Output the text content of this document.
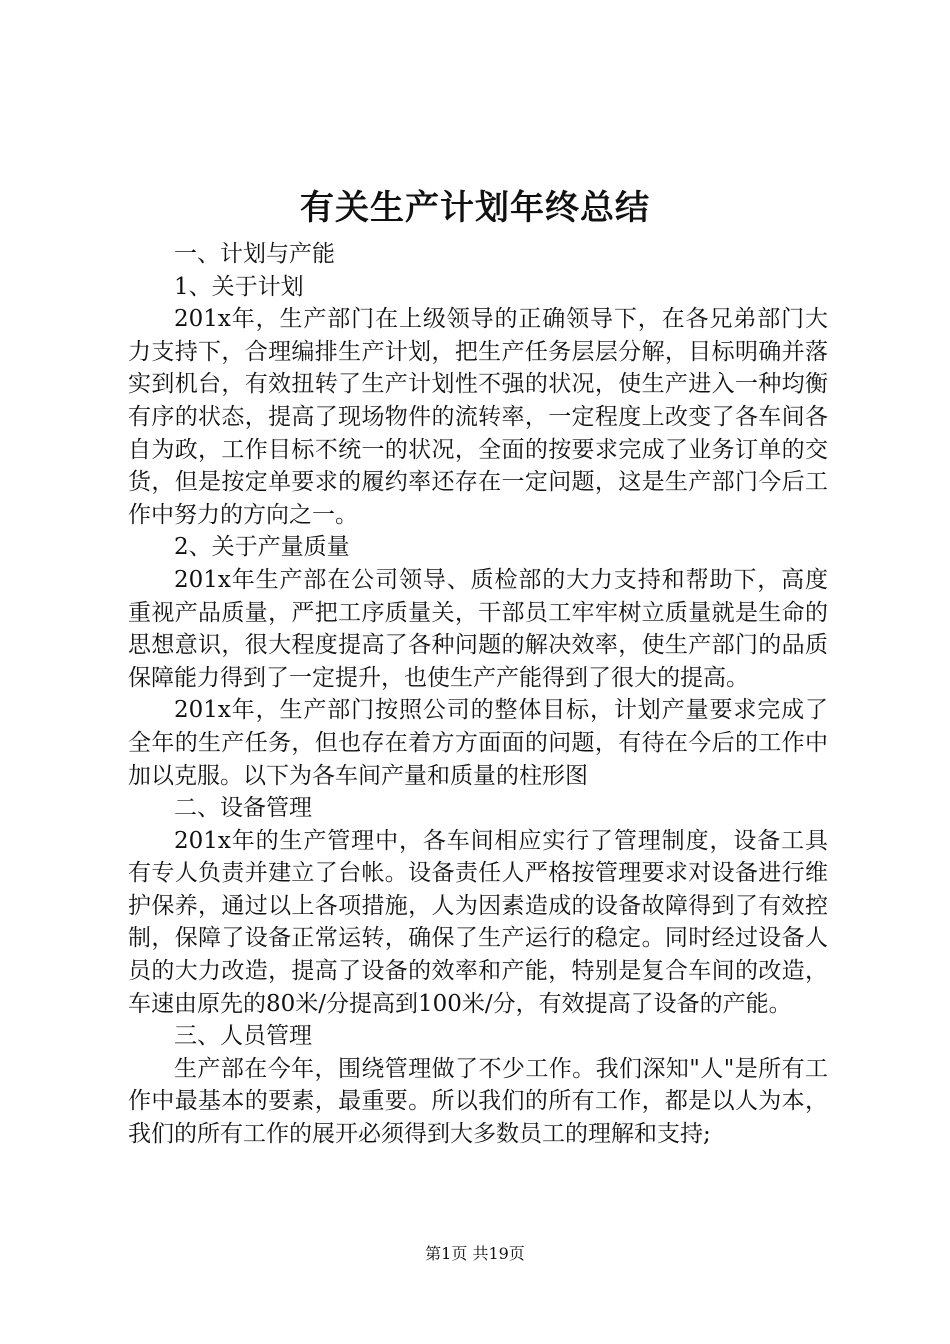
有关生产计划年终总结

一、计划与产能

1、关于计划

201x年，生产部门在上级领导的正确领导下，在各兄弟部门大力支持下，合理编排生产计划，把生产任务层层分解，目标明确并落实到机台，有效扭转了生产计划性不强的状况，使生产进入一种均衡有序的状态，提高了现场物件的流转率，一定程度上改变了各车间各自为政，工作目标不统一的状况，全面的按要求完成了业务订单的交货，但是按定单要求的履约率还存在一定问题，这是生产部门今后工作中努力的方向之一。

2、关于产量质量

201x年生产部在公司领导、质检部的大力支持和帮助下，高度重视产品质量，严把工序质量关，干部员工牢牢树立质量就是生命的思想意识，很大程度提高了各种问题的解决效率，使生产部门的品质保障能力得到了一定提升，也使生产产能得到了很大的提高。

201x年，生产部门按照公司的整体目标，计划产量要求完成了全年的生产任务，但也存在着方方面面的问题，有待在今后的工作中加以克服。以下为各车间产量和质量的柱形图

二、设备管理

201x年的生产管理中，各车间相应实行了管理制度，设备工具有专人负责并建立了台帐。设备责任人严格按管理要求对设备进行维护保养，通过以上各项措施，人为因素造成的设备故障得到了有效控制，保障了设备正常运转，确保了生产运行的稳定。同时经过设备人员的大力改造，提高了设备的效率和产能，特别是复合车间的改造，车速由原先的80米/分提高到100米/分，有效提高了设备的产能。

三、人员管理

生产部在今年，围绕管理做了不少工作。我们深知"人"是所有工作中最基本的要素，最重要。所以我们的所有工作，都是以人为本，我们的所有工作的展开必须得到大多数员工的理解和支持;

第1页 共19页
